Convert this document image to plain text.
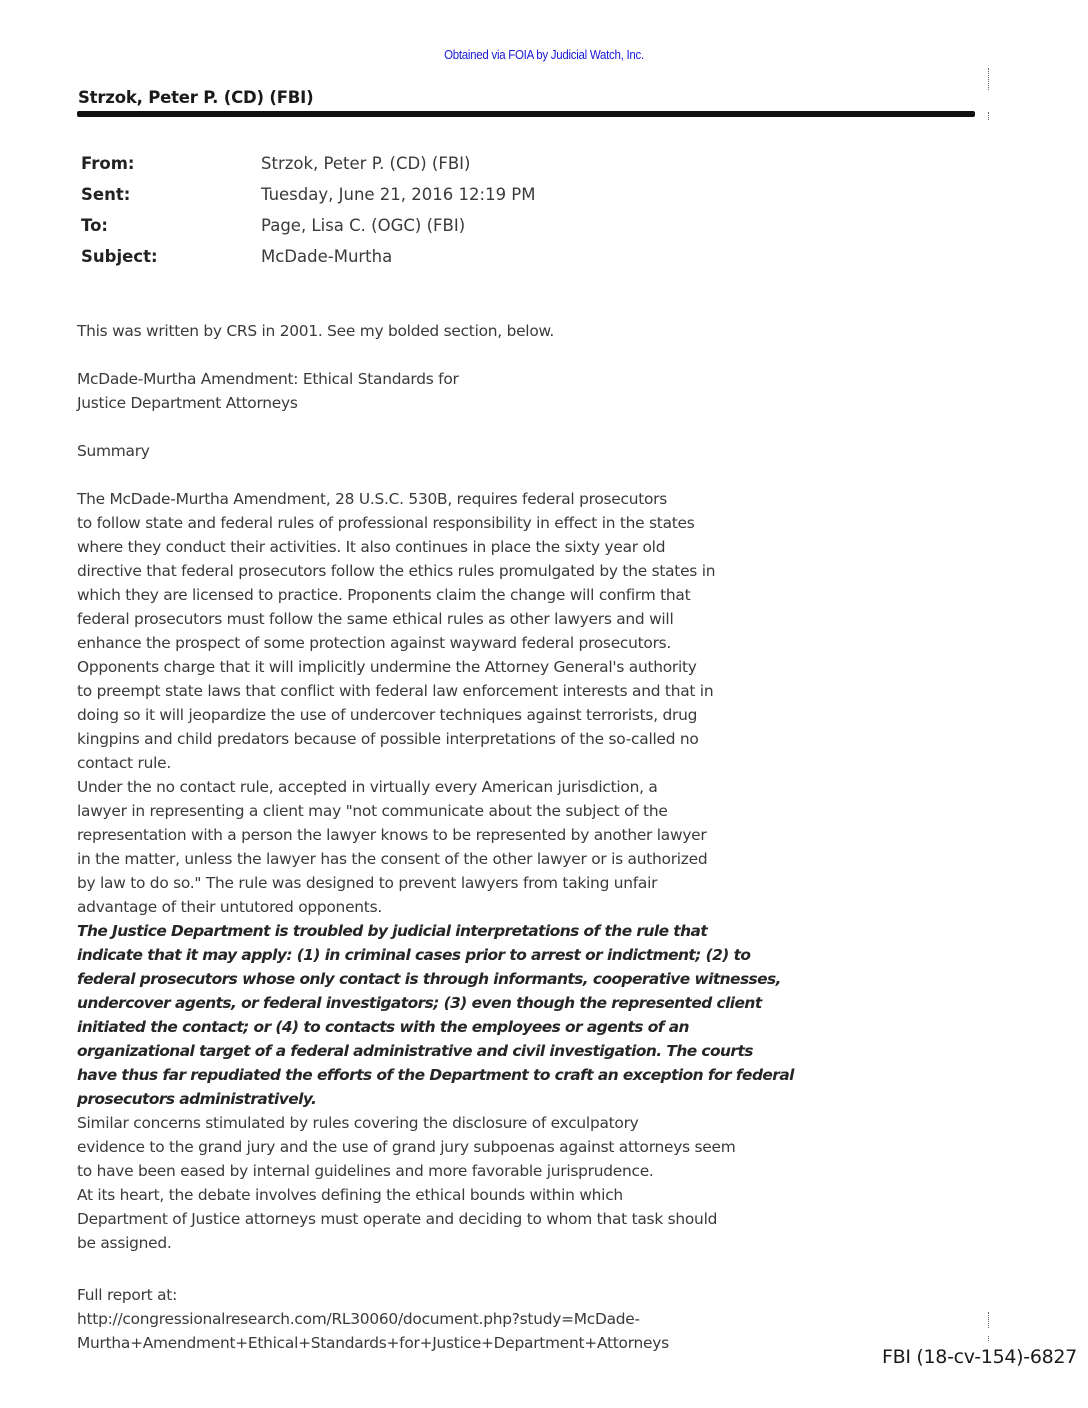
Obtained via FOIA by Judicial Watch, Inc.
Strzok, Peter P. (CD) (FBI)
From:	Strzok, Peter P. (CD) (FBI)
Sent:	Tuesday, June 21, 2016 12:19 PM
To:	Page, Lisa C. (OGC) (FBI)
Subject:	McDade-Murtha

This was written by CRS in 2001. See my bolded section, below.

McDade-Murtha Amendment: Ethical Standards for

Justice Department Attorneys

Summary

The McDade-Murtha Amendment, 28 U.S.C. 530B, requires federal prosecutors

to follow state and federal rules of professional responsibility in effect in the states

where they conduct their activities. It also continues in place the sixty year old

directive that federal prosecutors follow the ethics rules promulgated by the states in

which they are licensed to practice. Proponents claim the change will confirm that

federal prosecutors must follow the same ethical rules as other lawyers and will

enhance the prospect of some protection against wayward federal prosecutors.

Opponents charge that it will implicitly undermine the Attorney General's authority

to preempt state laws that conflict with federal law enforcement interests and that in

doing so it will jeopardize the use of undercover techniques against terrorists, drug

kingpins and child predators because of possible interpretations of the so-called no

contact rule.

Under the no contact rule, accepted in virtually every American jurisdiction, a

lawyer in representing a client may "not communicate about the subject of the

representation with a person the lawyer knows to be represented by another lawyer

in the matter, unless the lawyer has the consent of the other lawyer or is authorized

by law to do so." The rule was designed to prevent lawyers from taking unfair

advantage of their untutored opponents.

The Justice Department is troubled by judicial interpretations of the rule that

indicate that it may apply: (1) in criminal cases prior to arrest or indictment; (2) to

federal prosecutors whose only contact is through informants, cooperative witnesses,

undercover agents, or federal investigators; (3) even though the represented client

initiated the contact; or (4) to contacts with the employees or agents of an

organizational target of a federal administrative and civil investigation. The courts

have thus far repudiated the efforts of the Department to craft an exception for federal

prosecutors administratively.

Similar concerns stimulated by rules covering the disclosure of exculpatory

evidence to the grand jury and the use of grand jury subpoenas against attorneys seem

to have been eased by internal guidelines and more favorable jurisprudence.

At its heart, the debate involves defining the ethical bounds within which

Department of Justice attorneys must operate and deciding to whom that task should

be assigned.

Full report at:

http://congressionalresearch.com/RL30060/document.php?study=McDade-

Murtha+Amendment+Ethical+Standards+for+Justice+Department+Attorneys

FBI (18-cv-154)-6827
